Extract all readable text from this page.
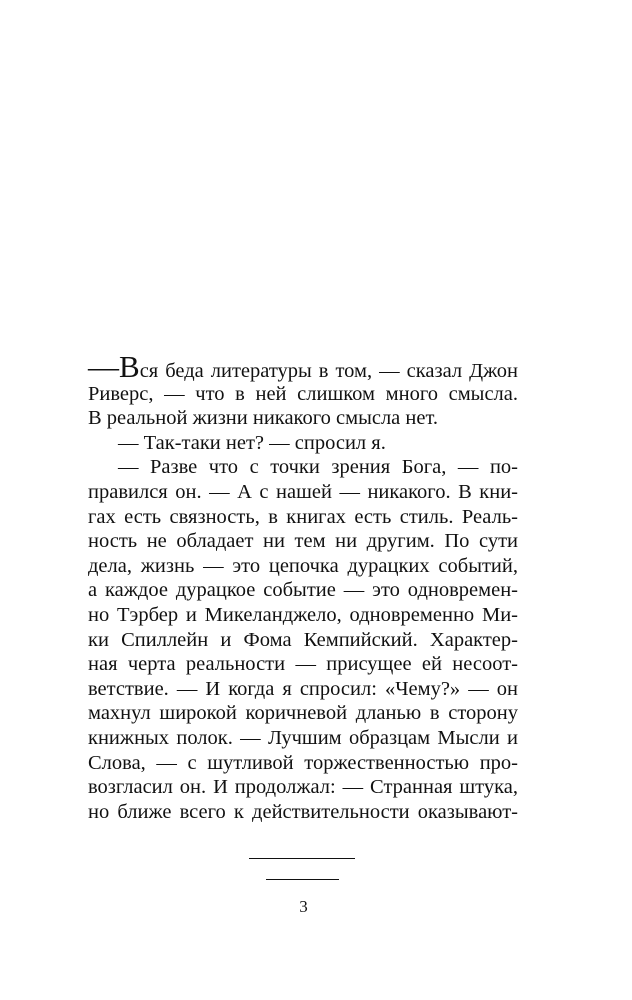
—Вся беда литературы в том, — сказал Джон
Риверс, — что в ней слишком много смысла.
В реальной жизни никакого смысла нет.
— Так-таки нет? — спросил я.
— Разве что с точки зрения Бога, — по-
правился он. — А с нашей — никакого. В кни-
гах есть связность, в книгах есть стиль. Реаль-
ность не обладает ни тем ни другим. По сути
дела, жизнь — это цепочка дурацких событий,
а каждое дурацкое событие — это одновремен-
но Тэрбер и Микеланджело, одновременно Ми-
ки Спиллейн и Фома Кемпийский. Характер-
ная черта реальности — присущее ей несоот-
ветствие. — И когда я спросил: «Чему?» — он
махнул широкой коричневой дланью в сторону
книжных полок. — Лучшим образцам Мысли и
Слова, — с шутливой торжественностью про-
возгласил он. И продолжал: — Странная штука,
но ближе всего к действительности оказывают-
3
